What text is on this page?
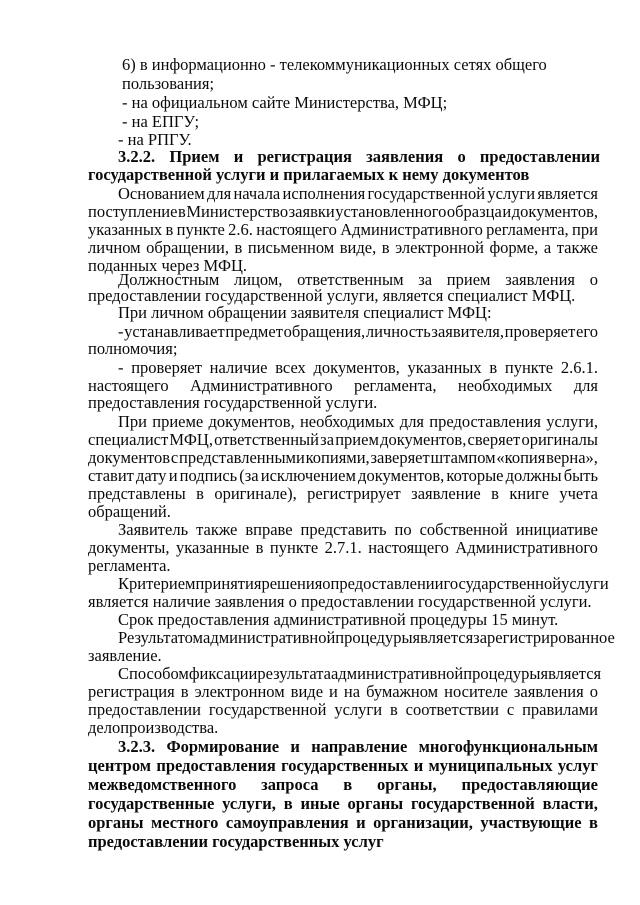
6) в информационно - телекоммуникационных сетях общего
пользования;
- на официальном сайте Министерства, МФЦ;
- на ЕПГУ;
- на РПГУ.
3.2.2. Прием и регистрация заявления о предоставлении
государственной услуги и прилагаемых к нему документов
Основанием для начала исполнения государственной услуги является
поступление в Министерство заявки установленного образца и документов,
указанных в пункте 2.6. настоящего Административного регламента, при
личном обращении, в письменном виде, в электронной форме, а также
поданных через МФЦ.
Должностным лицом, ответственным за прием заявления о
предоставлении государственной услуги, является специалист МФЦ.
При личном обращении заявителя специалист МФЦ:
- устанавливает предмет обращения, личность заявителя, проверяет его
полномочия;
- проверяет наличие всех документов, указанных в пункте 2.6.1.
настоящего Административного регламента, необходимых для
предоставления государственной услуги.
При приеме документов, необходимых для предоставления услуги,
специалист МФЦ, ответственный за прием документов, сверяет оригиналы
документов с представленными копиями, заверяет штампом «копия верна»,
ставит дату и подпись (за исключением документов, которые должны быть
представлены в оригинале), регистрирует заявление в книге учета
обращений.
Заявитель также вправе представить по собственной инициативе
документы, указанные в пункте 2.7.1. настоящего Административного
регламента.
Критерием принятия решения о предоставлении государственной услуги
является наличие заявления о предоставлении государственной услуги.
Срок предоставления административной процедуры 15 минут.
Результатом административной процедуры является зарегистрированное
заявление.
Способом фиксации результата административной процедуры является
регистрация в электронном виде и на бумажном носителе заявления о
предоставлении государственной услуги в соответствии с правилами
делопроизводства.
3.2.3. Формирование и направление многофункциональным
центром предоставления государственных и муниципальных услуг
межведомственного запроса в органы, предоставляющие
государственные услуги, в иные органы государственной власти,
органы местного самоуправления и организации, участвующие в
предоставлении государственных услуг
